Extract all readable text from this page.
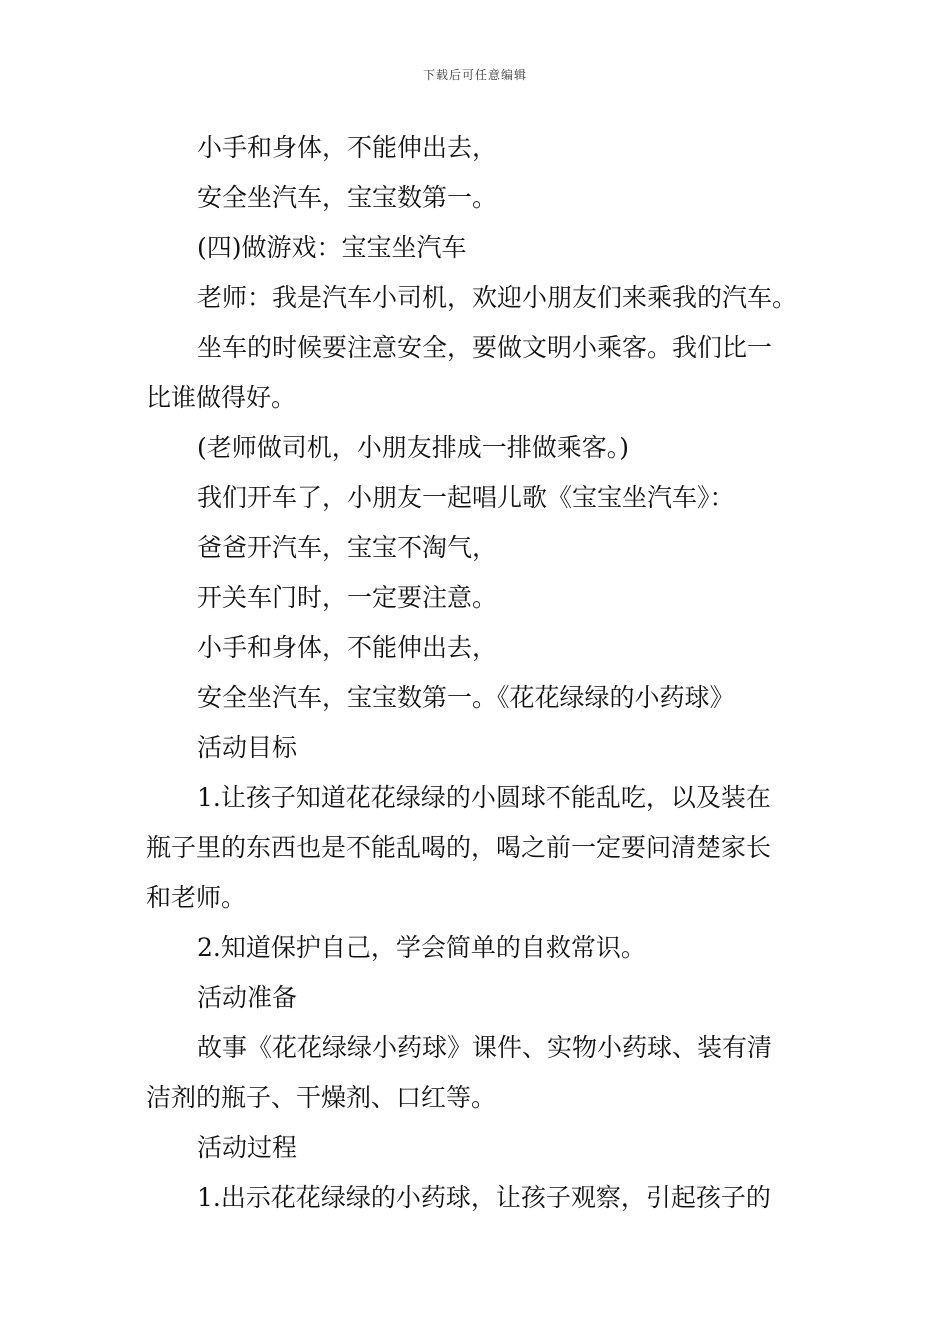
下载后可任意编辑
小手和身体，不能伸出去，
安全坐汽车，宝宝数第一。
(四)做游戏：宝宝坐汽车
老师：我是汽车小司机，欢迎小朋友们来乘我的汽车。
坐车的时候要注意安全，要做文明小乘客。我们比一
比谁做得好。
(老师做司机，小朋友排成一排做乘客。)
我们开车了，小朋友一起唱儿歌《宝宝坐汽车》：
爸爸开汽车，宝宝不淘气，
开关车门时，一定要注意。
小手和身体，不能伸出去，
安全坐汽车，宝宝数第一。《花花绿绿的小药球》
活动目标
1.让孩子知道花花绿绿的小圆球不能乱吃，以及装在
瓶子里的东西也是不能乱喝的，喝之前一定要问清楚家长
和老师。
2.知道保护自己，学会简单的自救常识。
活动准备
故事《花花绿绿小药球》课件、实物小药球、装有清
洁剂的瓶子、干燥剂、口红等。
活动过程
1.出示花花绿绿的小药球，让孩子观察，引起孩子的
